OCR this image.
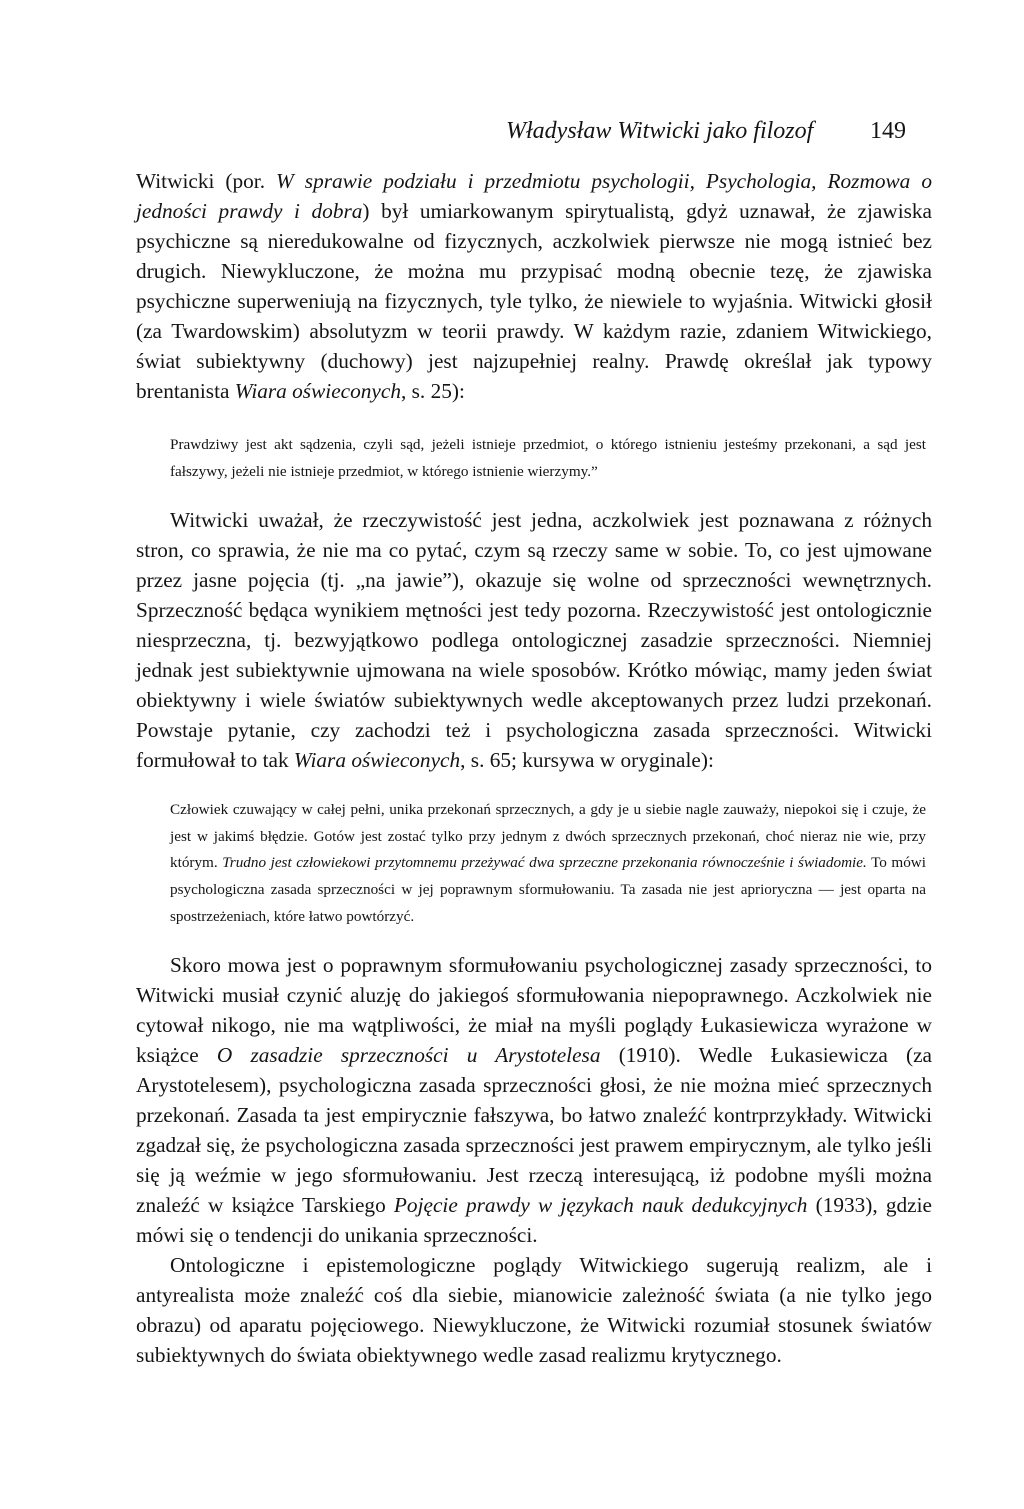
Władysław Witwicki jako filozof 149

Witwicki (por. W sprawie podziału i przedmiotu psychologii, Psychologia, Rozmowa o jedności prawdy i dobra) był umiarkowanym spirytualistą, gdyż uznawał, że zjawiska psychiczne są nieredukowalne od fizycznych, aczkolwiek pierwsze nie mogą istnieć bez drugich. Niewykluczone, że można mu przypisać modną obecnie tezę, że zjawiska psychiczne superweniują na fizycznych, tyle tylko, że niewiele to wyjaśnia. Witwicki głosił (za Twardowskim) absolutyzm w teorii prawdy. W każdym razie, zdaniem Witwickiego, świat subiektywny (duchowy) jest najzupełniej realny. Prawdę określał jak typowy brentanista Wiara oświeconych, s. 25):

Prawdziwy jest akt sądzenia, czyli sąd, jeżeli istnieje przedmiot, o którego istnieniu jesteśmy przekonani, a sąd jest fałszywy, jeżeli nie istnieje przedmiot, w którego istnienie wierzymy.”

Witwicki uważał, że rzeczywistość jest jedna, aczkolwiek jest poznawana z różnych stron, co sprawia, że nie ma co pytać, czym są rzeczy same w sobie. To, co jest ujmowane przez jasne pojęcia (tj. „na jawie”), okazuje się wolne od sprzeczności wewnętrznych. Sprzeczność będąca wynikiem mętności jest tedy pozorna. Rzeczywistość jest ontologicznie niesprzeczna, tj. bezwyjątkowo podlega ontologicznej zasadzie sprzeczności. Niemniej jednak jest subiektywnie ujmowana na wiele sposobów. Krótko mówiąc, mamy jeden świat obiektywny i wiele światów subiektywnych wedle akceptowanych przez ludzi przekonań. Powstaje pytanie, czy zachodzi też i psychologiczna zasada sprzeczności. Witwicki formułował to tak Wiara oświeconych, s. 65; kursywa w oryginale):

Człowiek czuwający w całej pełni, unika przekonań sprzecznych, a gdy je u siebie nagle zauważy, niepokoi się i czuje, że jest w jakimś błędzie. Gotów jest zostać tylko przy jednym z dwóch sprzecznych przekonań, choć nieraz nie wie, przy którym. Trudno jest człowiekowi przytomnemu przeżywać dwa sprzeczne przekonania równocześnie i świadomie. To mówi psychologiczna zasada sprzeczności w jej poprawnym sformułowaniu. Ta zasada nie jest aprioryczna — jest oparta na spostrzeżeniach, które łatwo powtórzyć.

Skoro mowa jest o poprawnym sformułowaniu psychologicznej zasady sprzeczności, to Witwicki musiał czynić aluzję do jakiegoś sformułowania niepoprawnego. Aczkolwiek nie cytował nikogo, nie ma wątpliwości, że miał na myśli poglądy Łukasiewicza wyrażone w książce O zasadzie sprzeczności u Arystotelesa (1910). Wedle Łukasiewicza (za Arystotelesem), psychologiczna zasada sprzeczności głosi, że nie można mieć sprzecznych przekonań. Zasada ta jest empirycznie fałszywa, bo łatwo znaleźć kontrprzykłady. Witwicki zgadzał się, że psychologiczna zasada sprzeczności jest prawem empirycznym, ale tylko jeśli się ją weźmie w jego sformułowaniu. Jest rzeczą interesującą, iż podobne myśli można znaleźć w książce Tarskiego Pojęcie prawdy w językach nauk dedukcyjnych (1933), gdzie mówi się o tendencji do unikania sprzeczności.

Ontologiczne i epistemologiczne poglądy Witwickiego sugerują realizm, ale i antyrealista może znaleźć coś dla siebie, mianowicie zależność świata (a nie tylko jego obrazu) od aparatu pojęciowego. Niewykluczone, że Witwicki rozumiał stosunek światów subiektywnych do świata obiektywnego wedle zasad realizmu krytycznego.
